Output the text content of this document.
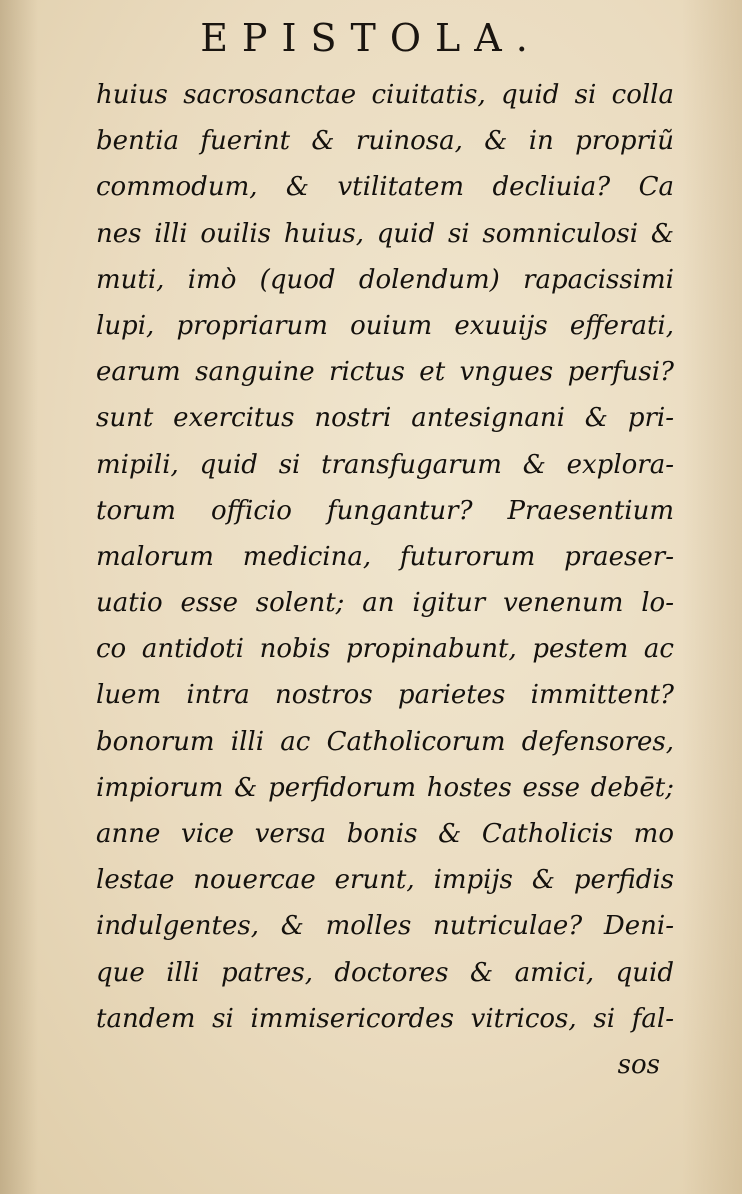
EPISTOLA.
huius sacrosanctae ciuitatis, quid si colla
bentia fuerint & ruinosa, & in propriũ
commodum, & vtilitatem decliuia? Ca
nes illi ouilis huius, quid si somniculosi &
muti, imò (quod dolendum) rapacissimi
lupi, propriarum ouium exuuijs efferati,
earum sanguine rictus et vngues perfusi?
sunt exercitus nostri antesignani & pri-
mipili, quid si transfugarum & explora-
torum officio fungantur? Praesentium
malorum medicina, futurorum praeser-
uatio esse solent; an igitur venenum lo-
co antidoti nobis propinabunt, pestem ac
luem intra nostros parietes immittent?
bonorum illi ac Catholicorum defensores,
impiorum & perfidorum hostes esse debēt;
anne vice versa bonis & Catholicis mo
lestae nouercae erunt, impijs & perfidis
indulgentes, & molles nutriculae? Deni-
que illi patres, doctores & amici, quid
tandem si immisericordes vitricos, si fal-
sos
